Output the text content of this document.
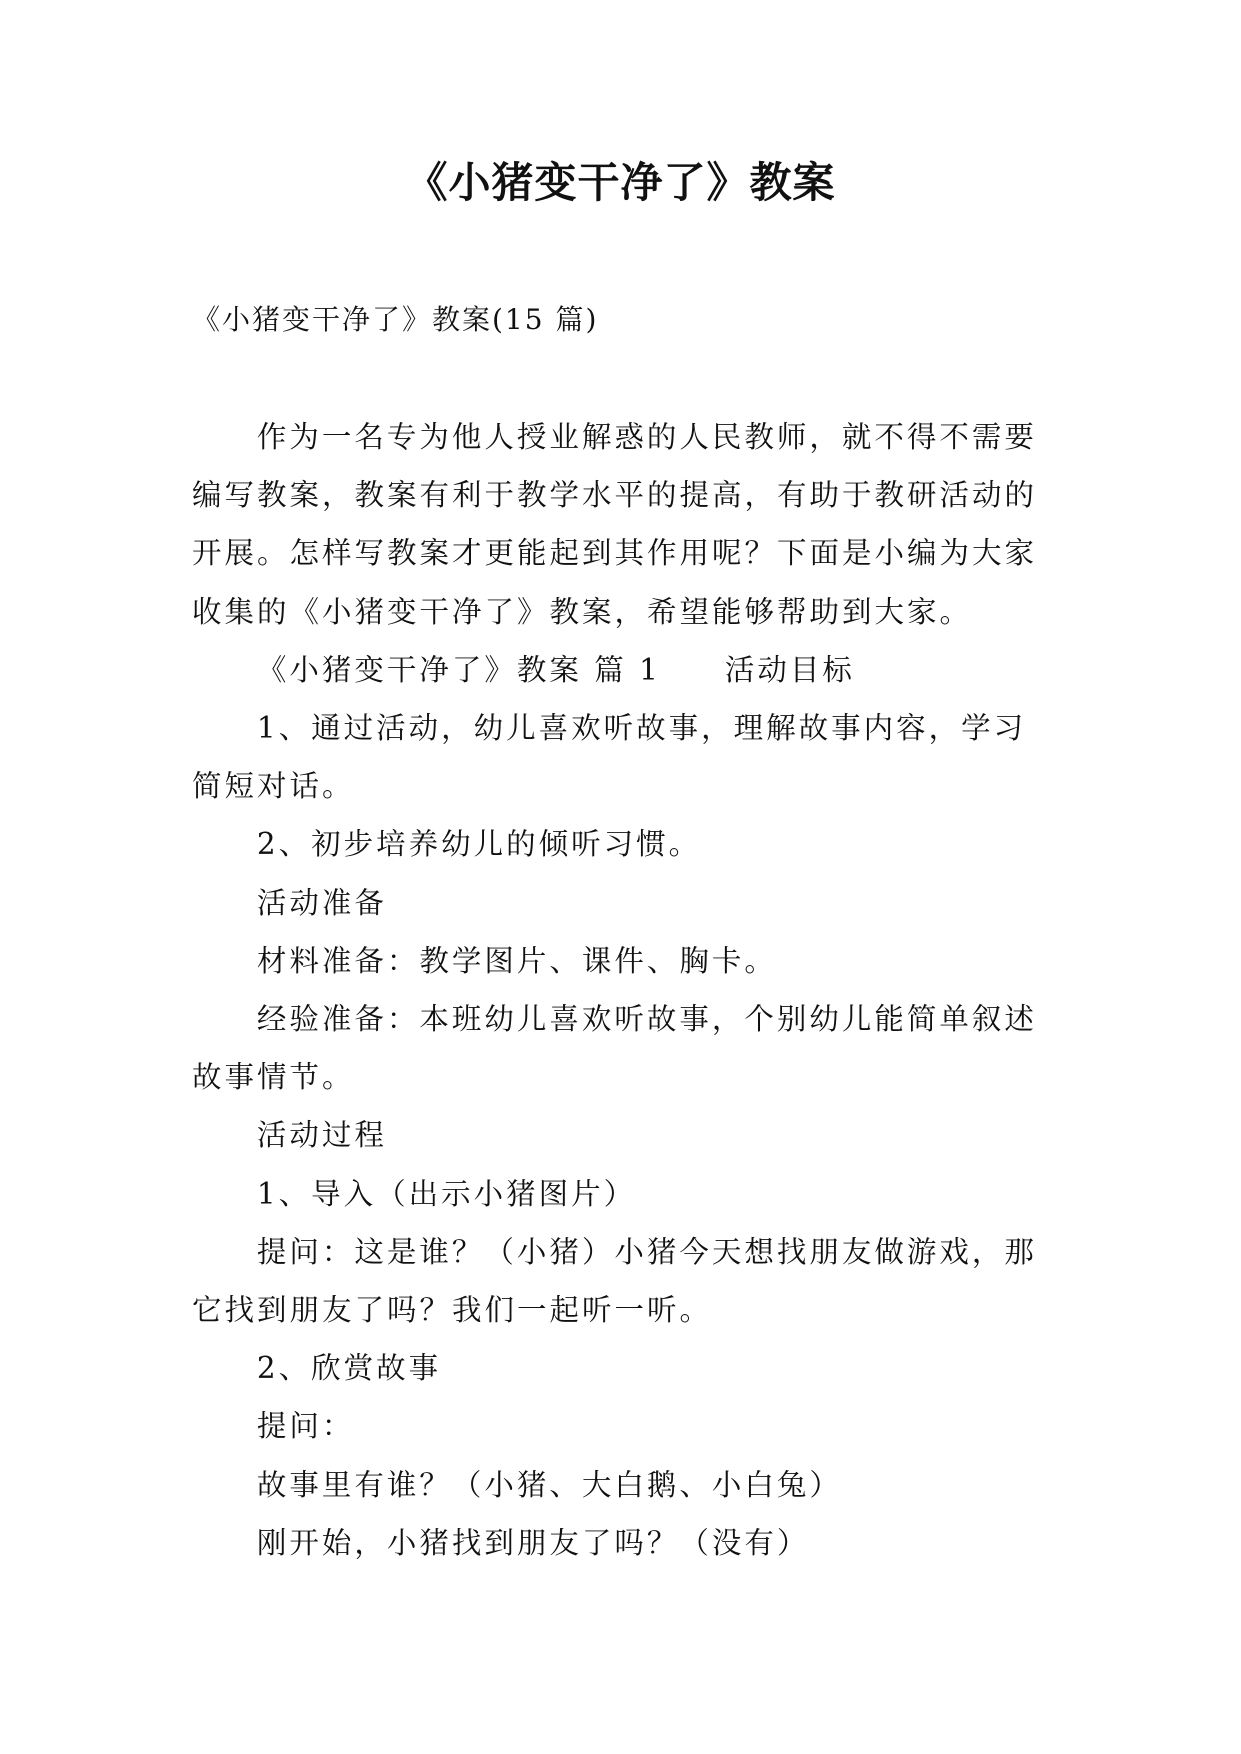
《小猪变干净了》教案
《小猪变干净了》教案(15 篇)

作为一名专为他人授业解惑的人民教师，就不得不需要编写教案，教案有利于教学水平的提高，有助于教研活动的开展。怎样写教案才更能起到其作用呢？下面是小编为大家收集的《小猪变干净了》教案，希望能够帮助到大家。

《小猪变干净了》教案 篇 1 活动目标

1、通过活动，幼儿喜欢听故事，理解故事内容，学习简短对话。

2、初步培养幼儿的倾听习惯。

活动准备

材料准备：教学图片、课件、胸卡。

经验准备：本班幼儿喜欢听故事，个别幼儿能简单叙述故事情节。

活动过程

1、导入（出示小猪图片）

提问：这是谁？（小猪）小猪今天想找朋友做游戏，那它找到朋友了吗？我们一起听一听。

2、欣赏故事

提问：

故事里有谁？（小猪、大白鹅、小白兔）

刚开始，小猪找到朋友了吗？（没有）
